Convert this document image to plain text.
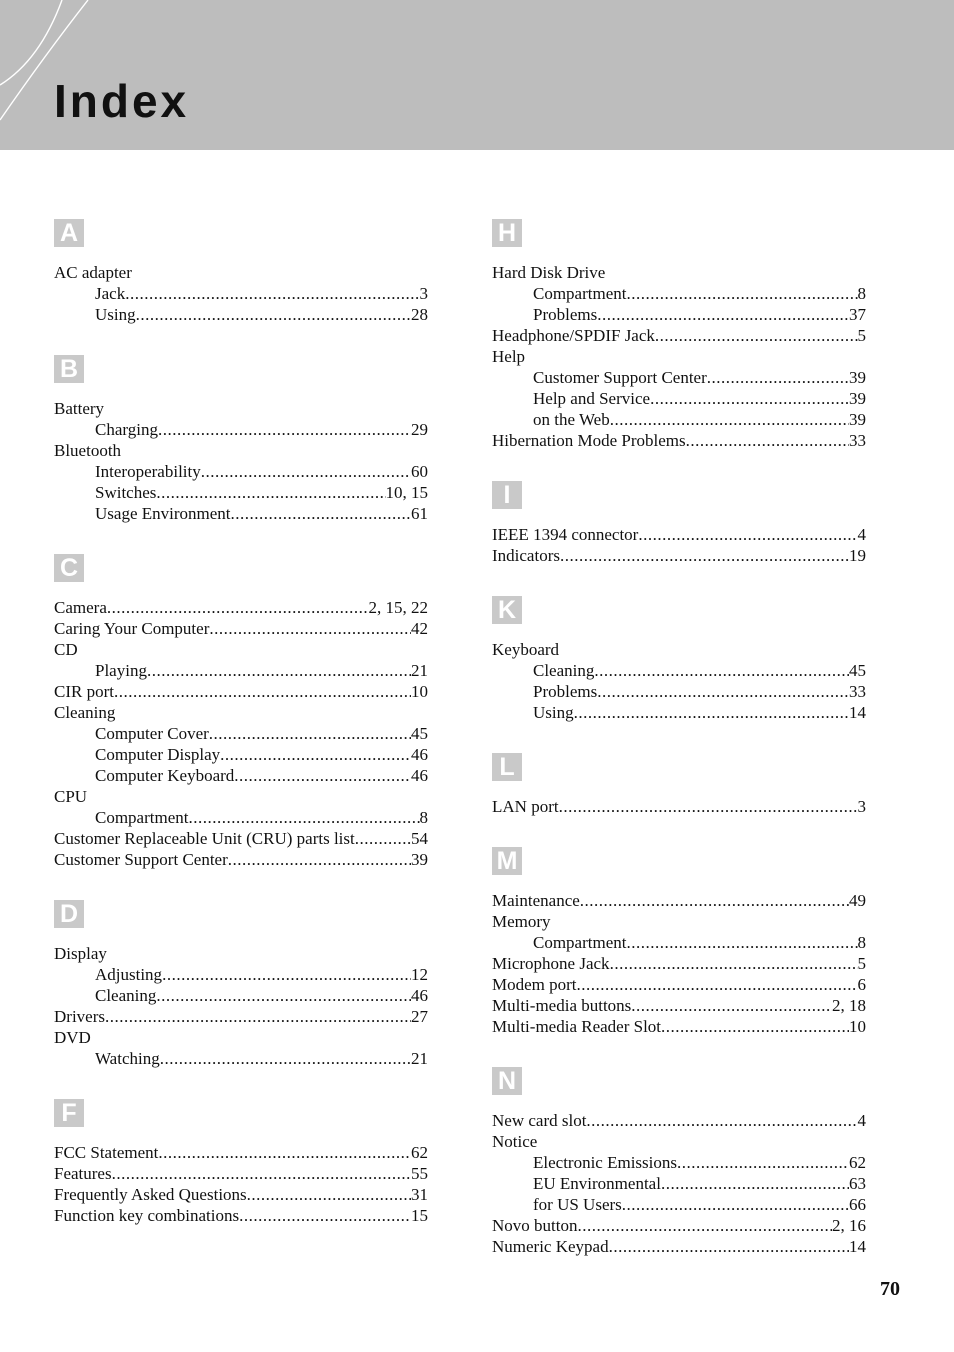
Index
A
AC adapter
Jack .....	3
Using .....	28
B
Battery
Charging .....	29
Bluetooth
Interoperability .....	60
Switches .....	10, 15
Usage Environment .....	61
C
Camera .....	2, 15, 22
Caring Your Computer .....	42
CD
Playing .....	21
CIR port .....	10
Cleaning
Computer Cover .....	45
Computer Display .....	46
Computer Keyboard .....	46
CPU
Compartment .....	8
Customer Replaceable Unit (CRU) parts list .....	54
Customer Support Center .....	39
D
Display
Adjusting .....	12
Cleaning .....	46
Drivers .....	27
DVD
Watching .....	21
F
FCC Statement .....	62
Features .....	55
Frequently Asked Questions .....	31
Function key combinations .....	15
H
Hard Disk Drive
Compartment .....	8
Problems .....	37
Headphone/SPDIF Jack .....	5
Help
Customer Support Center .....	39
Help and Service .....	39
on the Web .....	39
Hibernation Mode Problems .....	33
I
IEEE 1394 connector .....	4
Indicators .....	19
K
Keyboard
Cleaning .....	45
Problems .....	33
Using .....	14
L
LAN port .....	3
M
Maintenance .....	49
Memory
Compartment .....	8
Microphone Jack .....	5
Modem port .....	6
Multi-media buttons .....	2, 18
Multi-media Reader Slot .....	10
N
New card slot .....	4
Notice
Electronic Emissions .....	62
EU Environmental .....	63
for US Users .....	66
Novo button .....	2, 16
Numeric Keypad .....	14
70
